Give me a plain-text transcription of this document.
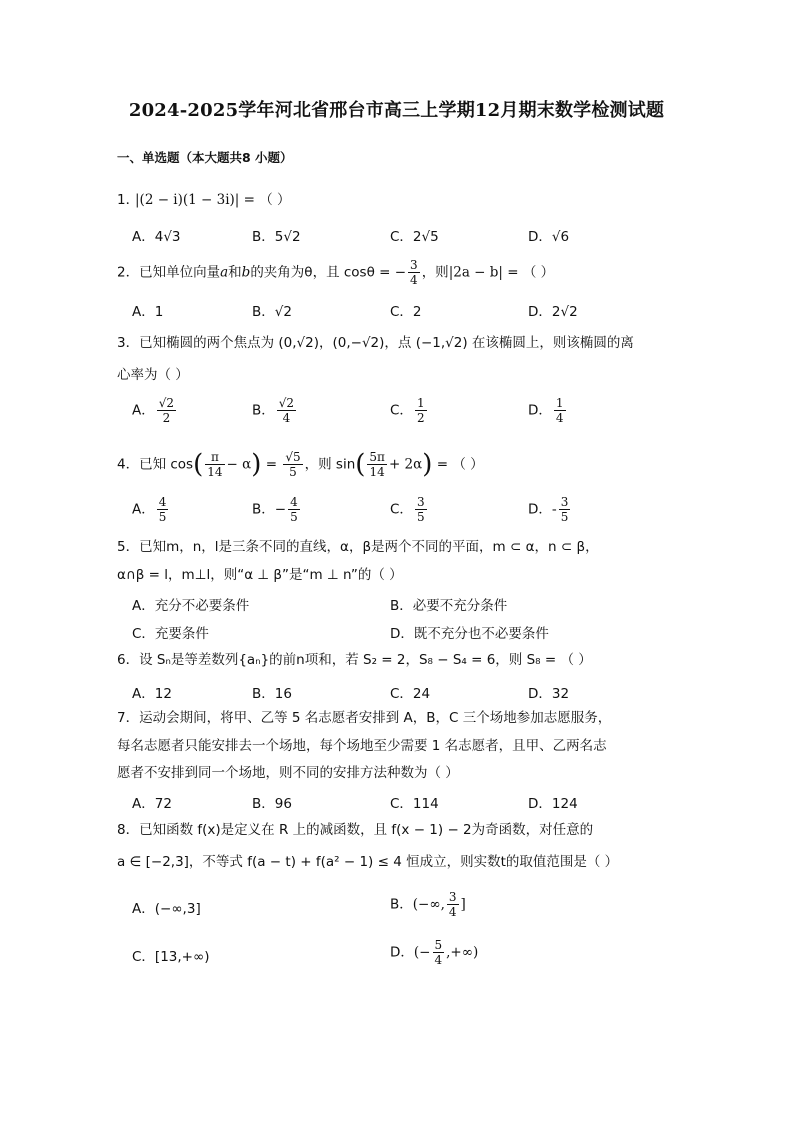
2024-2025学年河北省邢台市高三上学期12月期末数学检测试题
一、单选题（本大题共8 小题）
|(2 − i)(1 − 3i)| = （ ）
1．
A．4√3	B．5√2	C．2√5	D．√6
2．已知单位向量a和b的夹角为θ，且 cosθ = − $\frac{3}{4}$ ，则|2a − b| = （ ）
A．1	B．√2	C．2	D．2√2
3．已知椭圆的两个焦点为 (0,√2)，(0,−√2)，点 (−1,√2) 在该椭圆上，则该椭圆的离
心率为（ ）
A． $\frac{√2}{2}$	B． $\frac{√2}{4}$	C． $\frac{1}{2}$	D． $\frac{1}{4}$
4．已知 $\cos( \frac{\pi}{14} - \alpha) = \frac{√5}{5}$ ，则 $\sin( \frac{5\pi}{14} + 2\alpha)$ = （ ）
A． $\frac{4}{5}$	B．− $\frac{4}{5}$	C． $\frac{3}{5}$	D．- $\frac{3}{5}$
5．已知m，n，l是三条不同的直线，α，β是两个不同的平面，m ⊂ α，n ⊂ β，
α∩β = l，m⊥l，则“α ⊥ β”是“m ⊥ n”的（ ）
A．充分不必要条件	B．必要不充分条件
C．充要条件	D．既不充分也不必要条件
6．设 Sₙ是等差数列{aₙ}的前n项和，若 S₂ = 2，S₈ − S₄ = 6，则 S₈ = （ ）
A．12	B．16	C．24	D．32
7．运动会期间，将甲、乙等 5 名志愿者安排到 A，B，C 三个场地参加志愿服务，
每名志愿者只能安排去一个场地，每个场地至少需要 1 名志愿者，且甲、乙两名志
愿者不安排到同一个场地，则不同的安排方法种数为（ ）
A．72	B．96	C．114	D．124
8．已知函数 f(x)是定义在 R 上的减函数，且 f(x − 1) − 2为奇函数，对任意的
a ∈ [−2,3]，不等式 f(a − t) + f(a² − 1) ≤ 4 恒成立，则实数t的取值范围是（ ）
A．(−∞,3]	B．(−∞, $\frac{3}{4}$ ]
C．[13,+∞)	D．(− $\frac{5}{4}$ ,+∞)
